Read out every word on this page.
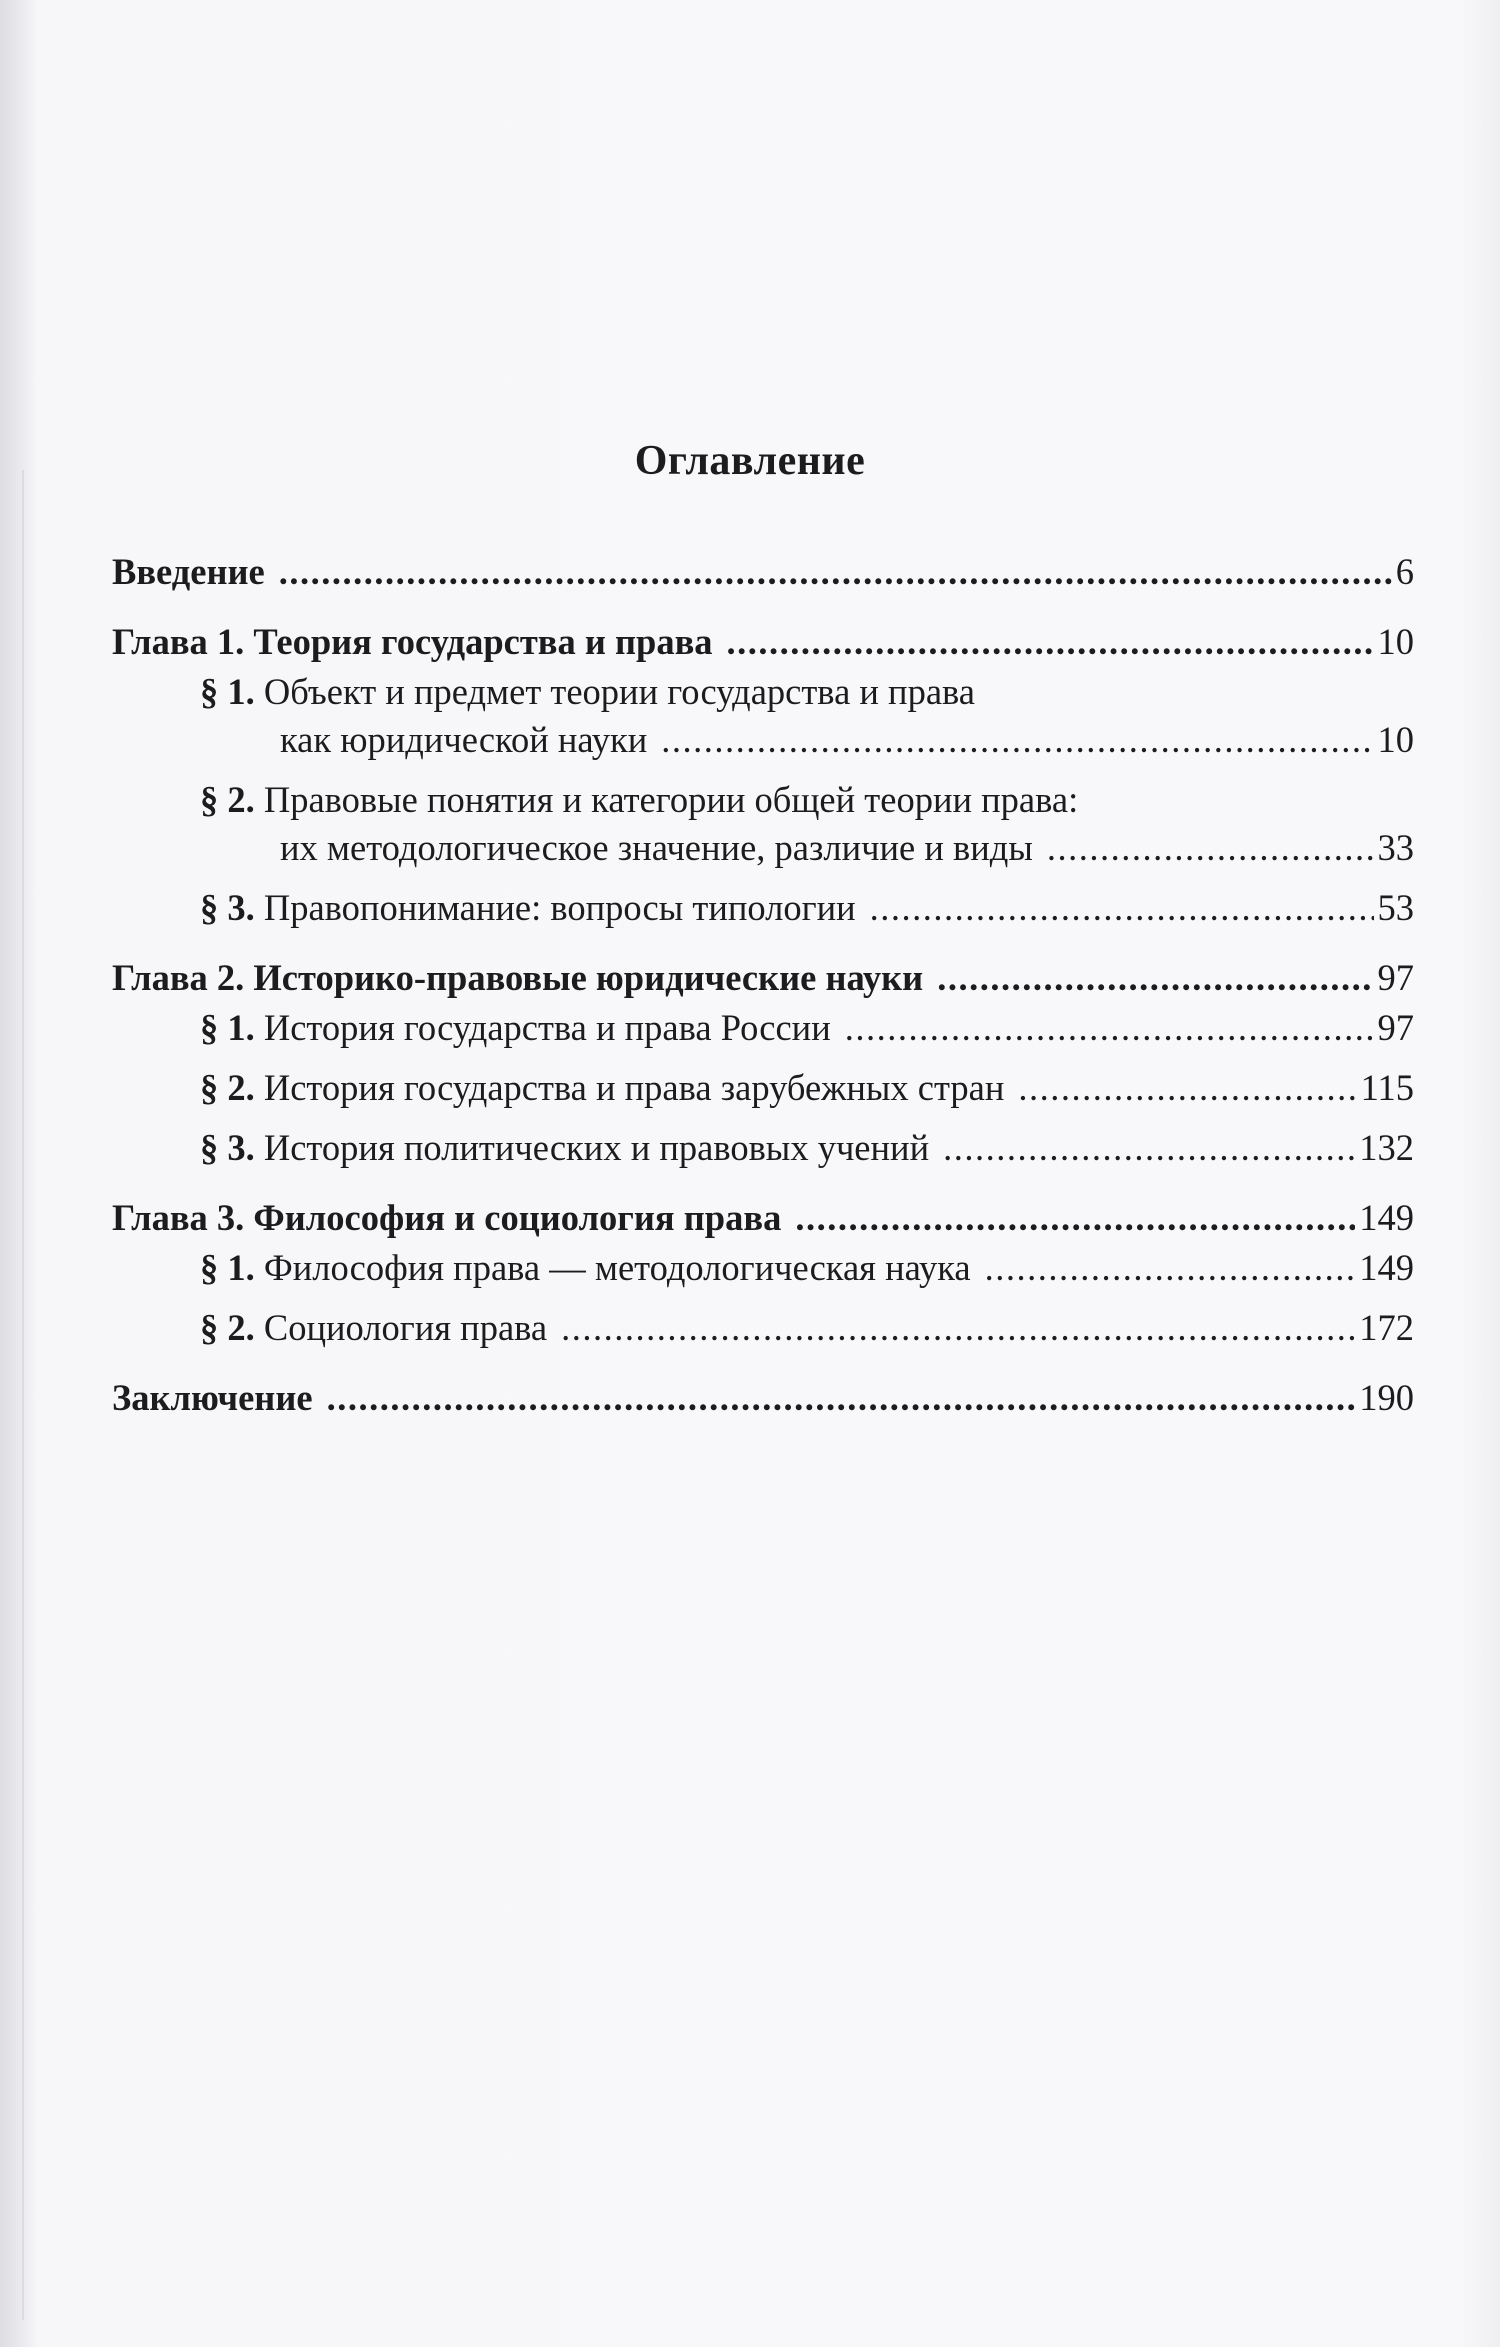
Оглавление
Введение .....	6
Глава 1. Теория государства и права .....	10
§ 1. Объект и предмет теории государства и права
как юридической науки .....	10
§ 2. Правовые понятия и категории общей теории права:
их методологическое значение, различие и виды .....	33
§ 3. Правопонимание: вопросы типологии .....	53
Глава 2. Историко-правовые юридические науки .....	97
§ 1. История государства и права России .....	97
§ 2. История государства и права зарубежных стран .....	115
§ 3. История политических и правовых учений .....	132
Глава 3. Философия и социология права .....	149
§ 1. Философия права — методологическая наука .....	149
§ 2. Социология права .....	172
Заключение .....	190
